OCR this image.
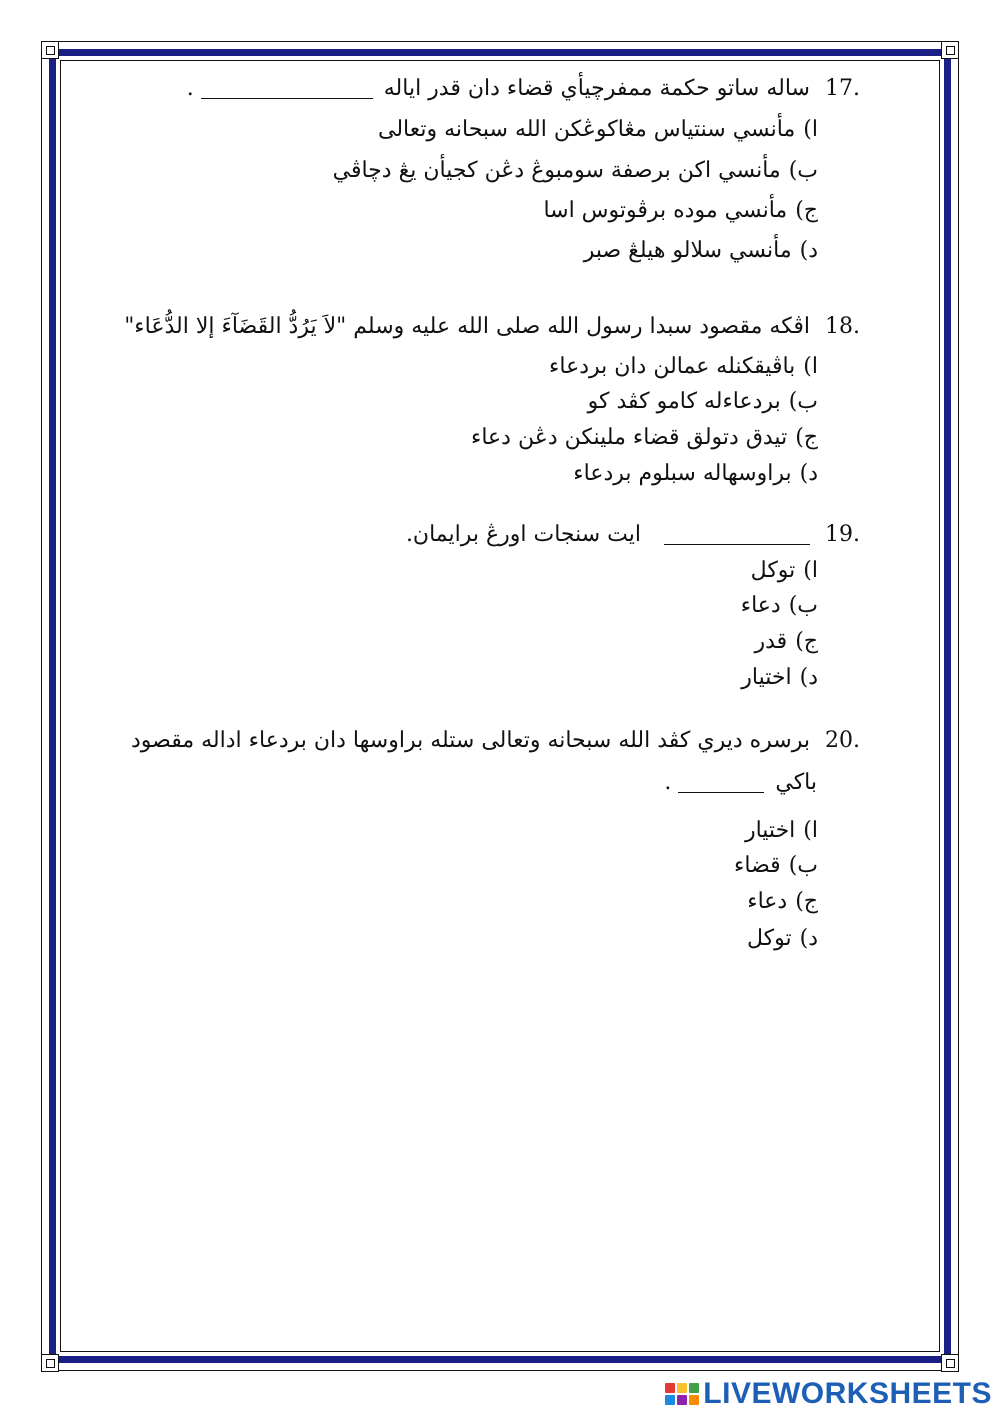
17. ساله ساتو حکمة ممفرچيأي قضاء دان قدر اياله  .
ا)مأنسي سنتياس مڠاکوڠکن الله سبحانه وتعالى
ب)مأنسي اکن برصفة سومبوڠ دڠن کجيأن يڠ دچاڤي
ج)مأنسي موده برڤوتوس اسا
د)مأنسي سلالو هيلڠ صبر
18. اڤکه مقصود سبدا رسول الله صلى الله عليه وسلم "لاَ يَرُدُّ القَضَآءَ إلا الدُّعَاء"
ا)باڤيقکنله عمالن دان بردعاء
ب)بردعاءله کامو کڤد کو
ج)تيدق دتولق قضاء ملينکن دڠن دعاء
د)براوسهاله سبلوم بردعاء
19.  ايت سنجات اورڠ برايمان.
ا)توکل
ب)دعاء
ج)قدر
د)اختيار
20. برسره ديري کڤد الله سبحانه وتعالى ستله براوسها دان بردعاء اداله مقصود
باکي  .
ا)اختيار
ب)قضاء
ج)دعاء
د)توکل
LIVEWORKSHEETS
